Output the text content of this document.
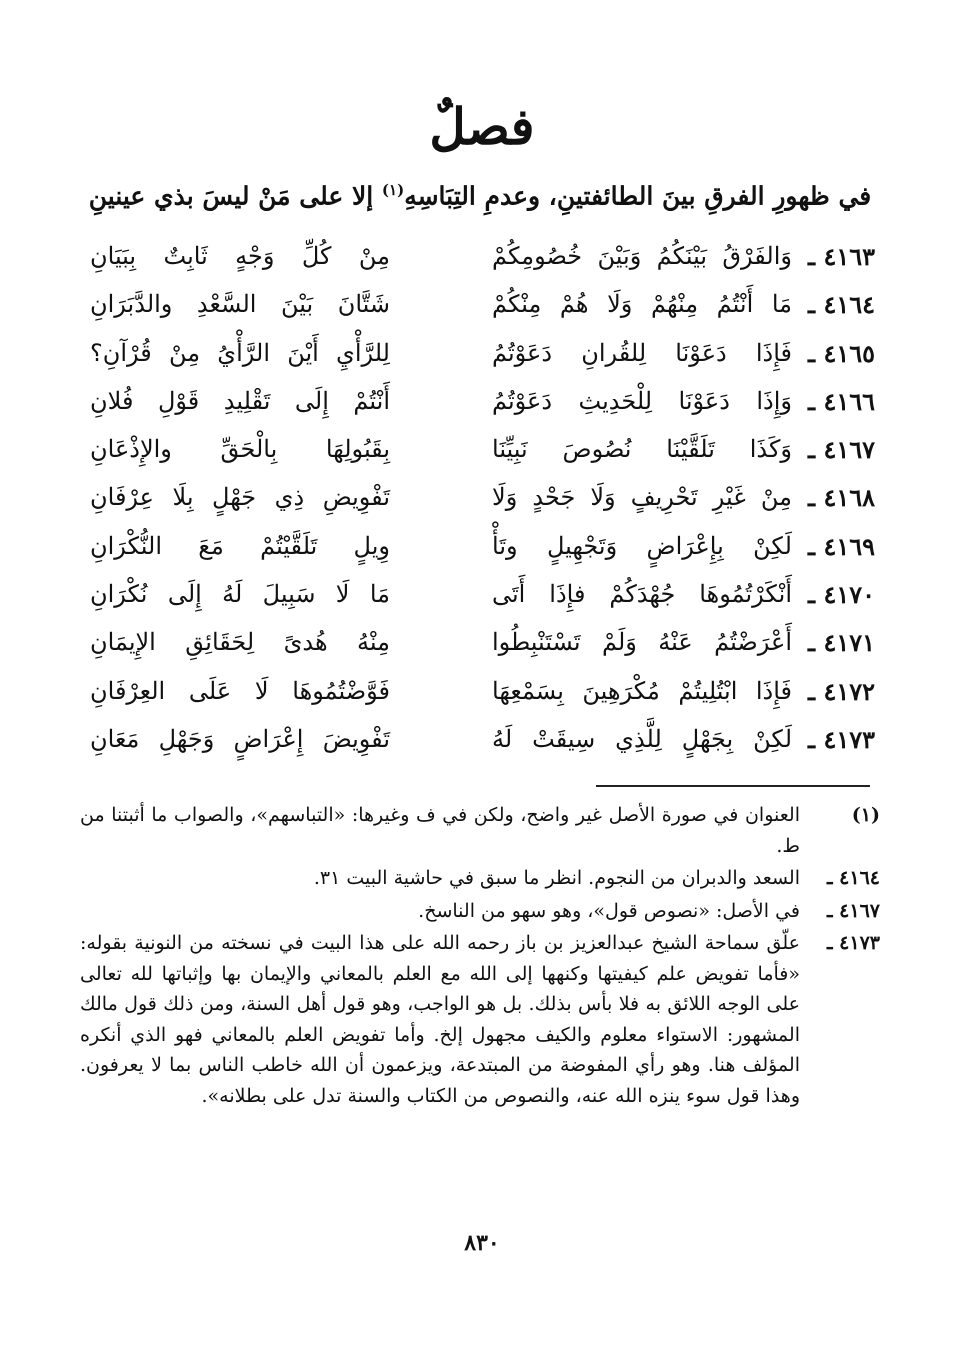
فصلٌ
في ظهورِ الفرقِ بينَ الطائفتينِ، وعدمِ التِبَاسِهِ$^{(١)}$ إلا على مَنْ ليسَ بذي عينينِ
٤١٦٣ ـ
وَالفَرْقُ بَيْنَكُمُ وَبَيْنَ خُصُومِكُمْ
مِنْ كُلِّ وَجْهٍ ثَابِتٌ بِبَيَانِ
٤١٦٤ ـ
مَا أَنْتُمُ مِنْهُمْ وَلَا هُمْ مِنْكُمْ
شَتَّانَ بَيْنَ السَّعْدِ والدَّبَرَانِ
٤١٦٥ ـ
فَإِذَا دَعَوْنَا لِلقُرانِ دَعَوْتُمُ
لِلرَّأْيِ أَيْنَ الرَّأْيُ مِنْ قُرْآنِ؟
٤١٦٦ ـ
وَإِذَا دَعَوْنَا لِلْحَدِيثِ دَعَوْتُمُ
أَنْتُمْ إِلَى تَقْلِيدِ قَوْلِ فُلانِ
٤١٦٧ ـ
وَكَذَا تَلَقَّيْنَا نُصُوصَ نَبِيِّنَا
بِقَبُولِهَا بِالْحَقِّ والإِذْعَانِ
٤١٦٨ ـ
مِنْ غَيْرِ تَحْرِيفٍ وَلَا جَحْدٍ وَلَا
تَفْوِيضِ ذِي جَهْلٍ بِلَا عِرْفَانِ
٤١٦٩ ـ
لَكِنْ بِإِعْرَاضٍ وَتَجْهِيلٍ وتَأْ
وِيلٍ تَلَقَّيْتُمْ مَعَ النُّكْرَانِ
٤١٧٠ ـ
أَنْكَرْتُمُوهَا جُهْدَكُمْ فإِذَا أَتَى
مَا لَا سَبِيلَ لَهُ إِلَى نُكْرَانِ
٤١٧١ ـ
أَعْرَضْتُمُ عَنْهُ وَلَمْ تَسْتَنْبِطُوا
مِنْهُ هُدىً لِحَقَائِقِ الإِيمَانِ
٤١٧٢ ـ
فَإِذَا ابْتُلِيتُمْ مُكْرَهِينَ بِسَمْعِهَا
فَوَّضْتُمُوهَا لَا عَلَى العِرْفَانِ
٤١٧٣ ـ
لَكِنْ بِجَهْلٍ لِلَّذِي سِيقَتْ لَهُ
تَفْوِيضَ إِعْرَاضٍ وَجَهْلِ مَعَانِ
(١)
العنوان في صورة الأصل غير واضح، ولكن في ف وغيرها: «التباسهم»، والصواب ما أثبتنا من ط.
٤١٦٤ ـ
السعد والدبران من النجوم. انظر ما سبق في حاشية البيت ٣١.
٤١٦٧ ـ
في الأصل: «نصوص قول»، وهو سهو من الناسخ.
٤١٧٣ ـ
علّق سماحة الشيخ عبدالعزيز بن باز رحمه الله على هذا البيت في نسخته من النونية بقوله: «فأما تفويض علم كيفيتها وكنهها إلى الله مع العلم بالمعاني والإيمان بها وإثباتها لله تعالى على الوجه اللائق به فلا بأس بذلك. بل هو الواجب، وهو قول أهل السنة، ومن ذلك قول مالك المشهور: الاستواء معلوم والكيف مجهول إلخ. وأما تفويض العلم بالمعاني فهو الذي أنكره المؤلف هنا. وهو رأي المفوضة من المبتدعة، ويزعمون أن الله خاطب الناس بما لا يعرفون. وهذا قول سوء ينزه الله عنه، والنصوص من الكتاب والسنة تدل على بطلانه».
٨٣٠
